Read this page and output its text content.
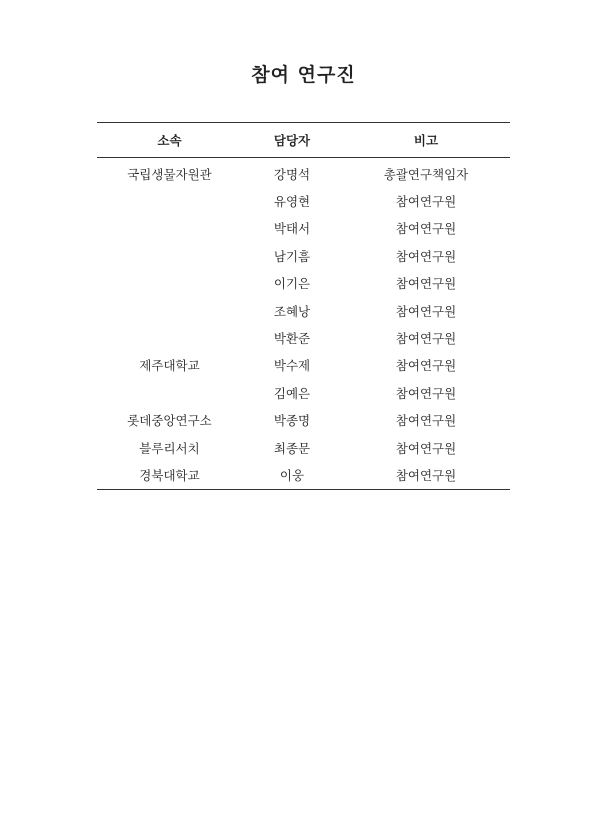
참여 연구진
소속	담당자	비고
국립생물자원관	강명석	총괄연구책임자
	유영현	참여연구원
	박태서	참여연구원
	남기흠	참여연구원
	이기은	참여연구원
	조혜낭	참여연구원
	박환준	참여연구원
제주대학교	박수제	참여연구원
	김예은	참여연구원
롯데중앙연구소	박종명	참여연구원
블루리서치	최종문	참여연구원
경북대학교	이웅	참여연구원
